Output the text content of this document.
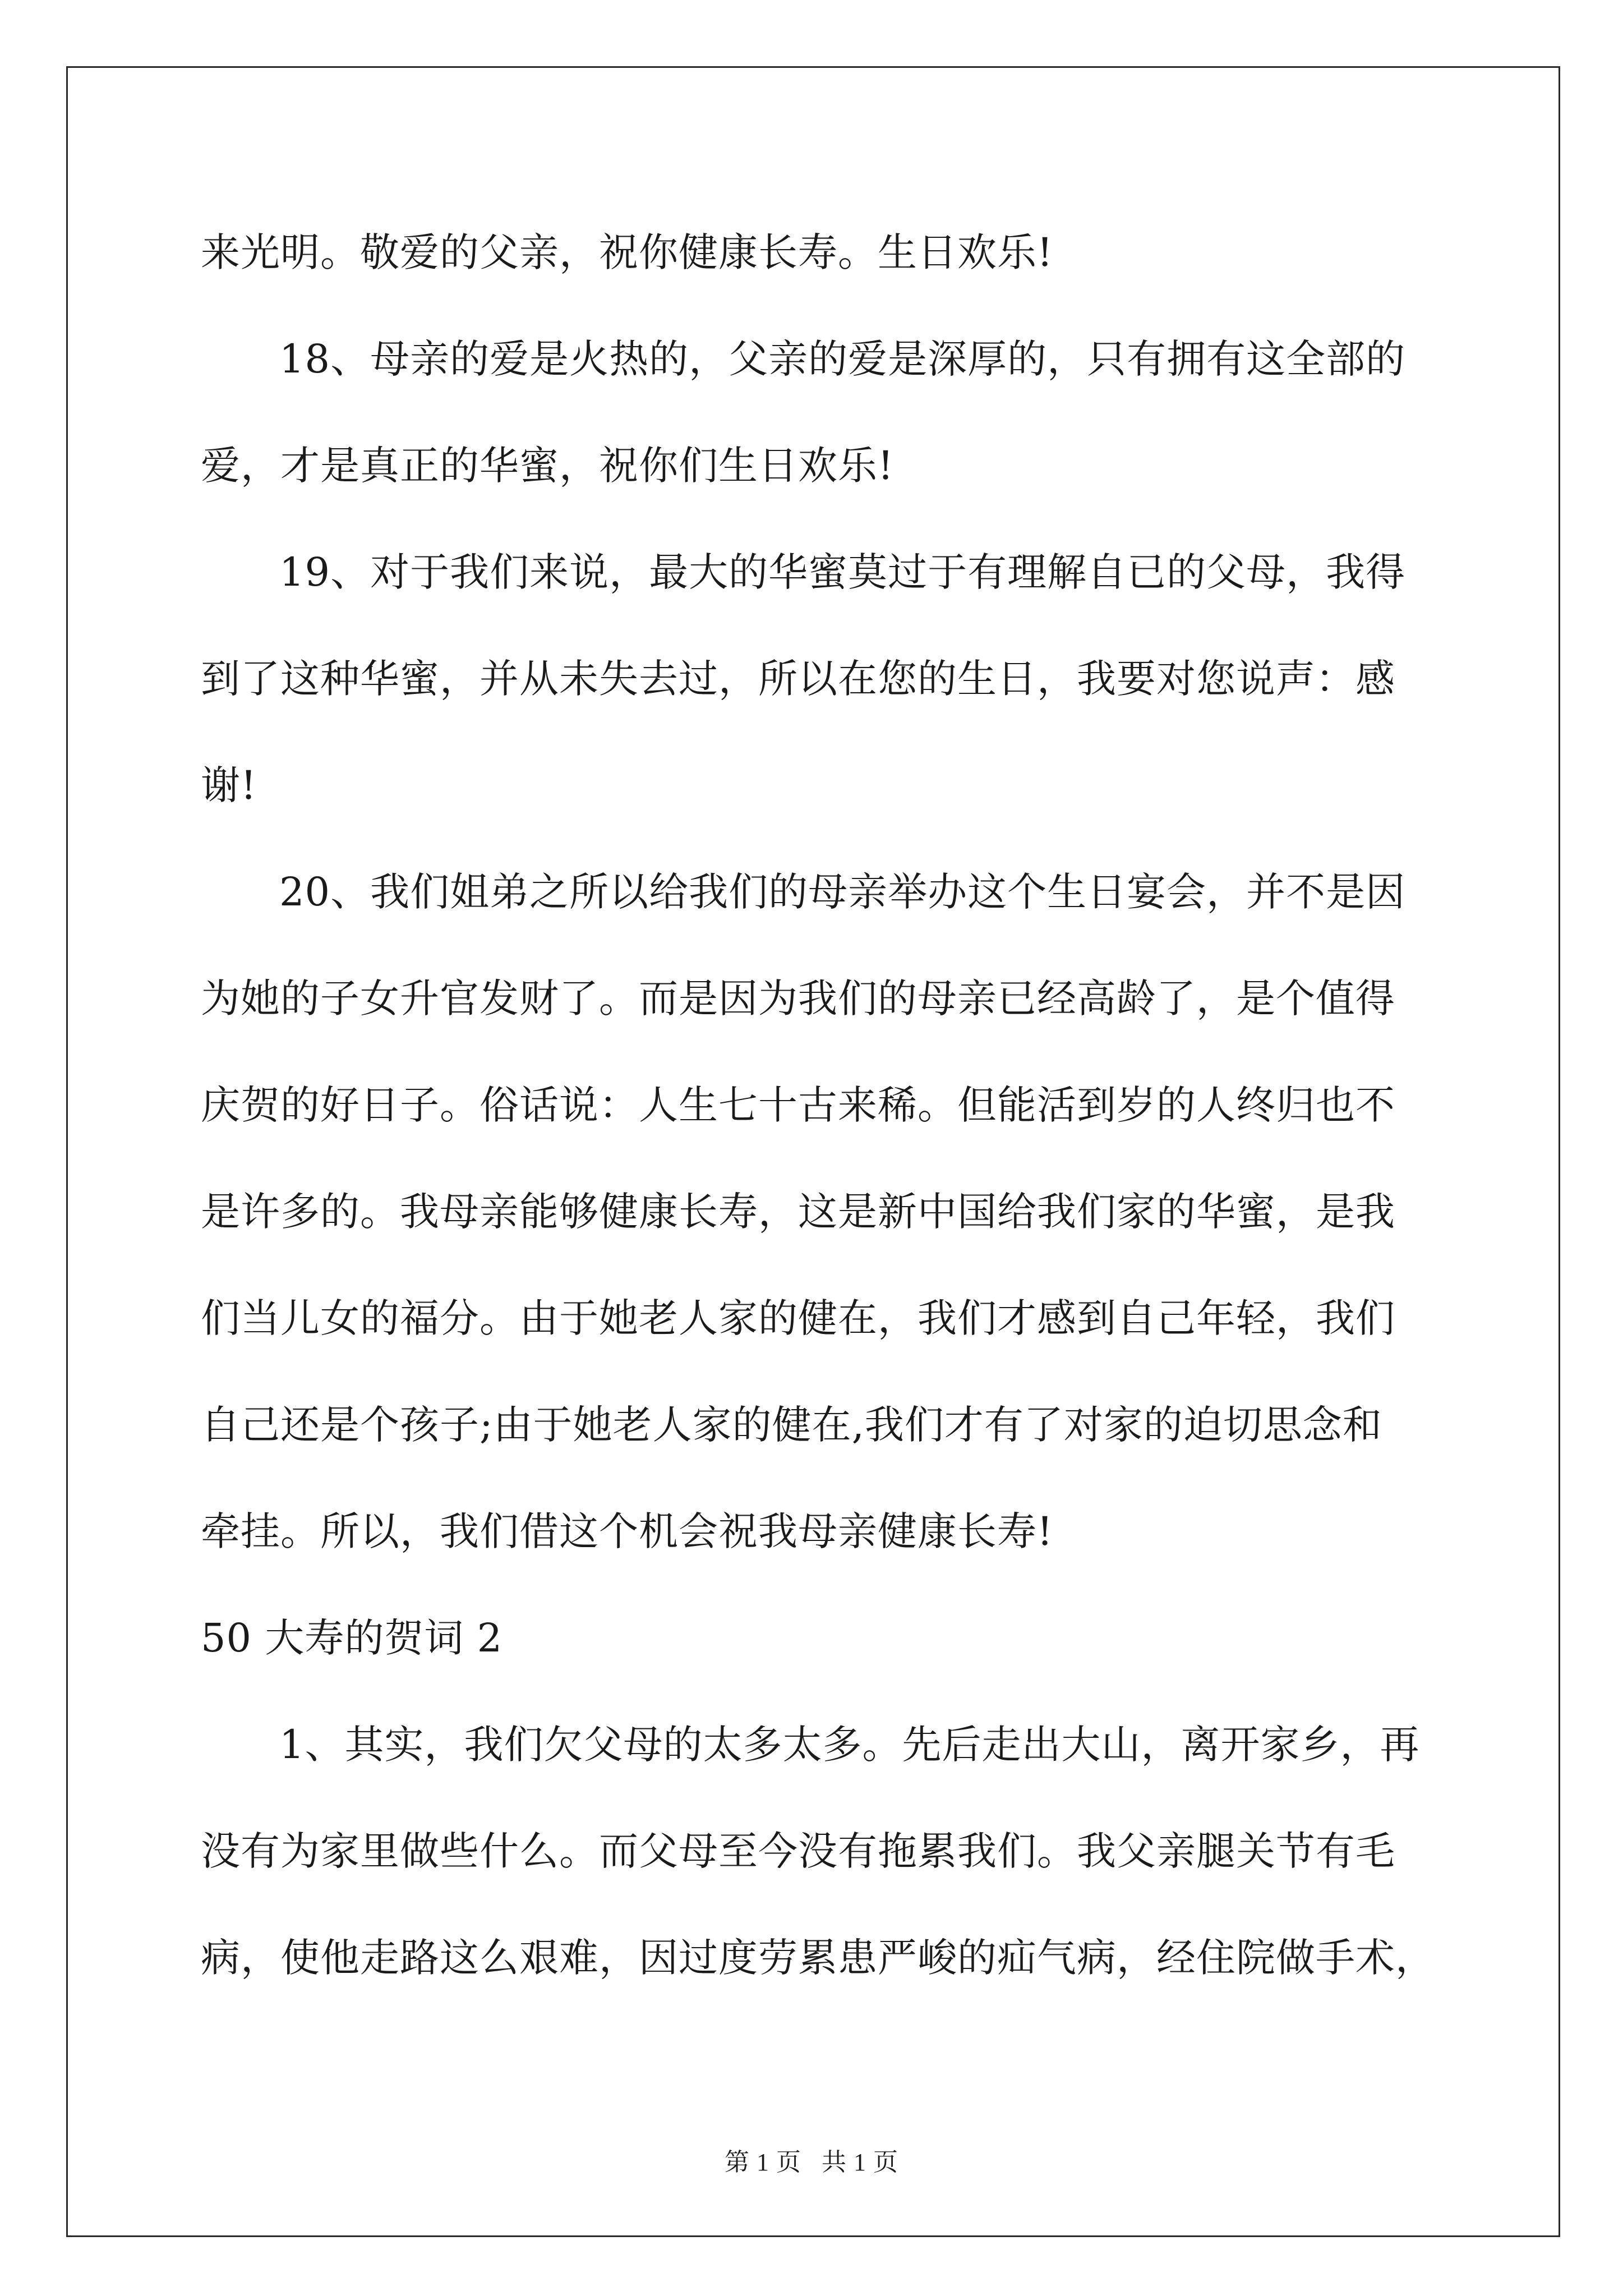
来光明。敬爱的父亲，祝你健康长寿。生日欢乐!
18、母亲的爱是火热的，父亲的爱是深厚的，只有拥有这全部的
爱，才是真正的华蜜，祝你们生日欢乐!
19、对于我们来说，最大的华蜜莫过于有理解自已的父母，我得
到了这种华蜜，并从未失去过，所以在您的生日，我要对您说声：感
谢!
20、我们姐弟之所以给我们的母亲举办这个生日宴会，并不是因
为她的子女升官发财了。而是因为我们的母亲已经高龄了，是个值得
庆贺的好日子。俗话说：人生七十古来稀。但能活到岁的人终归也不
是许多的。我母亲能够健康长寿，这是新中国给我们家的华蜜，是我
们当儿女的福分。由于她老人家的健在，我们才感到自己年轻，我们
自己还是个孩子;由于她老人家的健在,我们才有了对家的迫切思念和
牵挂。所以，我们借这个机会祝我母亲健康长寿!
50 大寿的贺词 2
1、其实，我们欠父母的太多太多。先后走出大山，离开家乡，再
没有为家里做些什么。而父母至今没有拖累我们。我父亲腿关节有毛
病，使他走路这么艰难，因过度劳累患严峻的疝气病，经住院做手术，
第 1 页 共 1 页
